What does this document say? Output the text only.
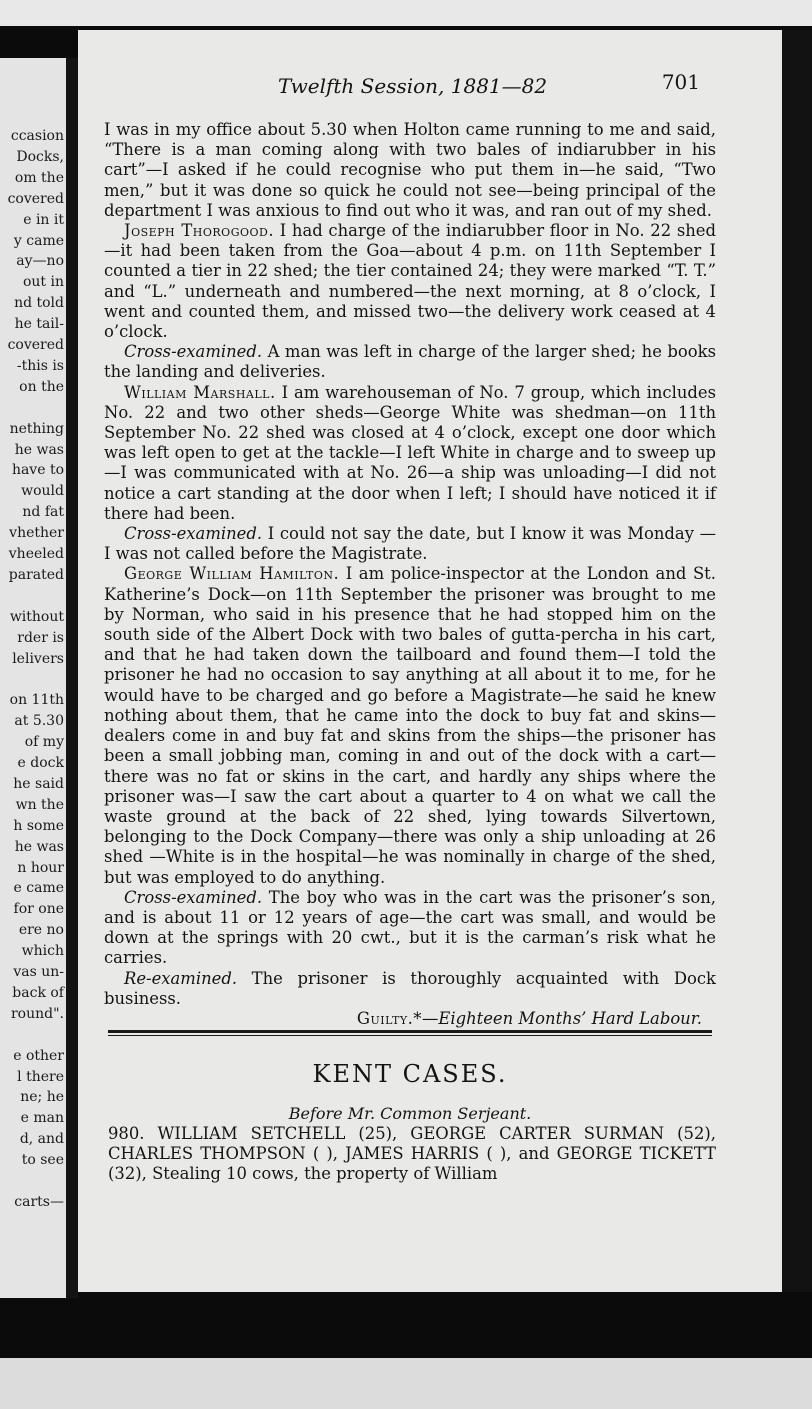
ccasion
Docks,
om the
covered
e in it
y came
ay—no
out in
nd told
he tail-
covered
-this is
on the
nething
he was
have to
would
nd fat
vhether
vheeled
parated
without
rder is
lelivers
on 11th
at 5.30
of my
e dock
he said
wn the
h some
he was
n hour
e came
for one
ere no
which
vas un-
back of
round".
e other
l there
ne; he
e man
d, and
to see
carts—
Twelfth Session, 1881—82	701

I was in my office about 5.30 when Holton came running to me and said, “There is a man coming along with two bales of indiarubber in his cart”—I asked if he could recognise who put them in—he said, “Two men,” but it was done so quick he could not see—being principal of the department I was anxious to find out who it was, and ran out of my shed.

Joseph Thorogood. I had charge of the indiarubber floor in No. 22 shed—it had been taken from the Goa—about 4 p.m. on 11th September I counted a tier in 22 shed; the tier contained 24; they were marked “T. T.” and “L.” underneath and numbered—the next morning, at 8 o’clock, I went and counted them, and missed two—the delivery work ceased at 4 o’clock.

Cross-examined. A man was left in charge of the larger shed; he books the landing and deliveries.

William Marshall. I am warehouseman of No. 7 group, which includes No. 22 and two other sheds—George White was shedman—on 11th September No. 22 shed was closed at 4 o’clock, except one door which was left open to get at the tackle—I left White in charge and to sweep up—I was communicated with at No. 26—a ship was unloading—I did not notice a cart standing at the door when I left; I should have noticed it if there had been.

Cross-examined. I could not say the date, but I know it was Monday —I was not called before the Magistrate.

George William Hamilton. I am police-inspector at the London and St. Katherine’s Dock—on 11th September the prisoner was brought to me by Norman, who said in his presence that he had stopped him on the south side of the Albert Dock with two bales of gutta-percha in his cart, and that he had taken down the tailboard and found them—I told the prisoner he had no occasion to say anything at all about it to me, for he would have to be charged and go before a Magistrate—he said he knew nothing about them, that he came into the dock to buy fat and skins—dealers come in and buy fat and skins from the ships—the prisoner has been a small jobbing man, coming in and out of the dock with a cart—there was no fat or skins in the cart, and hardly any ships where the prisoner was—I saw the cart about a quarter to 4 on what we call the waste ground at the back of 22 shed, lying towards Silvertown, belonging to the Dock Company—there was only a ship unloading at 26 shed —White is in the hospital—he was nominally in charge of the shed, but was employed to do anything.

Cross-examined. The boy who was in the cart was the prisoner’s son, and is about 11 or 12 years of age—the cart was small, and would be down at the springs with 20 cwt., but it is the carman’s risk what he carries.

Re-examined. The prisoner is thoroughly acquainted with Dock business.

Guilty.*—Eighteen Months’ Hard Labour.

KENT CASES.
Before Mr. Common Serjeant.
980. WILLIAM SETCHELL (25), GEORGE CARTER SURMAN (52), CHARLES THOMPSON ( ), JAMES HARRIS ( ), and GEORGE TICKETT (32), Stealing 10 cows, the property of William
